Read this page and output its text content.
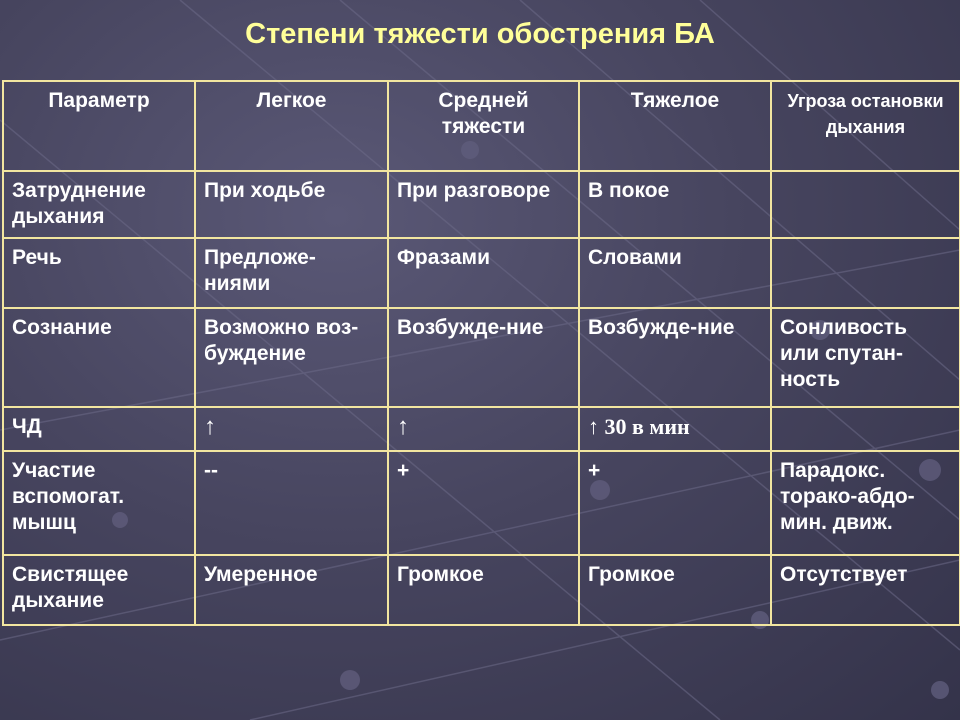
Степени тяжести обострения БА
Параметр	Легкое	Средней тяжести	Тяжелое	Угроза остановки дыхания
Затруднение дыхания	При ходьбе	При разговоре	В покое	
Речь	Предложе-ниями	Фразами	Словами	
Сознание	Возможно воз-буждение	Возбужде-ние	Возбужде-ние	Сонливость или спутан-ность
ЧД	↑	↑	↑ 30 в мин	
Участие вспомогат. мышц	--	+	+	Парадокс. торако-абдо-мин. движ.
Свистящее дыхание	Умеренное	Громкое	Громкое	Отсутствует
